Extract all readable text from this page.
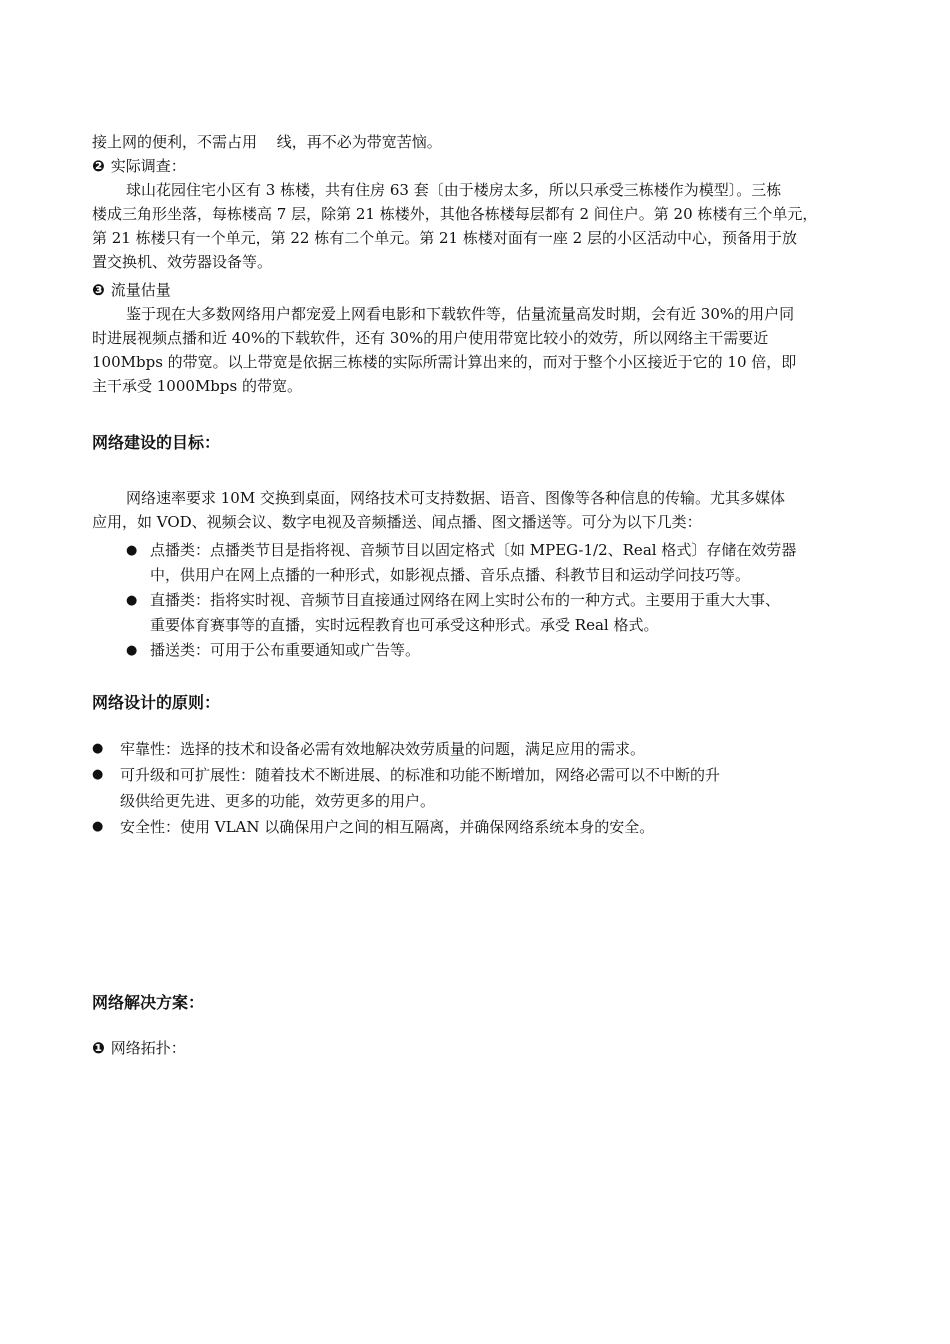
接上网的便利，不需占用　 线，再不必为带宽苦恼。
❷ 实际调查：
球山花园住宅小区有 3 栋楼，共有住房 63 套〔由于楼房太多，所以只承受三栋楼作为模型〕。三栋
楼成三角形坐落，每栋楼高 7 层，除第 21 栋楼外，其他各栋楼每层都有 2 间住户。第 20 栋楼有三个单元，
第 21 栋楼只有一个单元，第 22 栋有二个单元。第 21 栋楼对面有一座 2 层的小区活动中心，预备用于放
置交换机、效劳器设备等。
❸ 流量估量
鉴于现在大多数网络用户都宠爱上网看电影和下载软件等，估量流量高发时期，会有近 30%的用户同
时进展视频点播和近 40%的下载软件，还有 30%的用户使用带宽比较小的效劳，所以网络主干需要近
100Mbps 的带宽。以上带宽是依据三栋楼的实际所需计算出来的，而对于整个小区接近于它的 10 倍，即
主干承受 1000Mbps 的带宽。
网络建设的目标：
网络速率要求 10M 交换到桌面，网络技术可支持数据、语音、图像等各种信息的传输。尤其多媒体
应用，如 VOD、视频会议、数字电视及音频播送、闻点播、图文播送等。可分为以下几类：
● 点播类：点播类节目是指将视、音频节目以固定格式〔如 MPEG-1/2、Real 格式〕存储在效劳器
中，供用户在网上点播的一种形式，如影视点播、音乐点播、科教节目和运动学问技巧等。
● 直播类：指将实时视、音频节目直接通过网络在网上实时公布的一种方式。主要用于重大大事、
重要体育赛事等的直播，实时远程教育也可承受这种形式。承受 Real 格式。
● 播送类：可用于公布重要通知或广告等。
网络设计的原则：
● 牢靠性：选择的技术和设备必需有效地解决效劳质量的问题，满足应用的需求。
● 可升级和可扩展性：随着技术不断进展、的标准和功能不断增加，网络必需可以不中断的升
级供给更先进、更多的功能，效劳更多的用户。
● 安全性：使用 VLAN 以确保用户之间的相互隔离，并确保网络系统本身的安全。
网络解决方案：
❶ 网络拓扑：
